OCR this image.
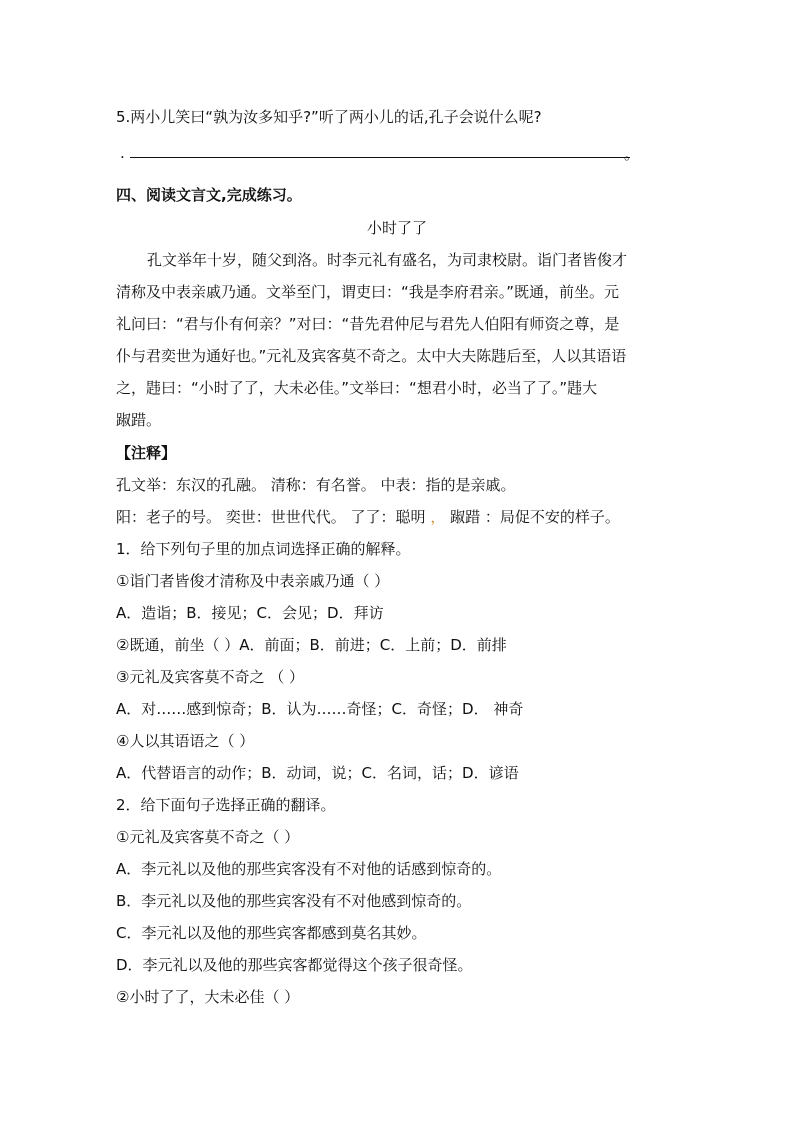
5.两小儿笑曰“孰为汝多知乎?”听了两小儿的话,孔子会说什么呢?
.	。
四、阅读文言文,完成练习。
小时了了
孔文举年十岁，随父到洛。时李元礼有盛名，为司隶校尉。诣门者皆俊才
清称及中表亲戚乃通。文举至门，谓吏曰：“我是李府君亲。”既通，前坐。元
礼问曰：“君与仆有何亲？”对曰：“昔先君仲尼与君先人伯阳有师资之尊，是
仆与君奕世为通好也。”元礼及宾客莫不奇之。太中大夫陈韪后至，人以其语语
之，韪曰：“小时了了，大未必佳。”文举曰：“想君小时，必当了了。”韪大
踧踖。
【注释】
孔文举：东汉的孔融。 清称：有名誉。 中表：指的是亲戚。
阳：老子的号。 奕世：世世代代。 了了：聪明 ， 踧踖 ：局促不安的样子。
1．给下列句子里的加点词选择正确的解释。
①诣门者皆俊才清称及中表亲戚乃通（ ）
A．造诣；B．接见；C．会见；D．拜访
②既通，前坐（ ）A．前面；B．前进；C．上前；D．前排
③元礼及宾客莫不奇之 （ ）
A．对……感到惊奇；B．认为……奇怪；C．奇怪；D． 神奇
④人以其语语之（ ）
A．代替语言的动作；B．动词，说；C．名词，话；D．谚语
2．给下面句子选择正确的翻译。
①元礼及宾客莫不奇之（ ）
A．李元礼以及他的那些宾客没有不对他的话感到惊奇的。
B．李元礼以及他的那些宾客没有不对他感到惊奇的。
C．李元礼以及他的那些宾客都感到莫名其妙。
D．李元礼以及他的那些宾客都觉得这个孩子很奇怪。
②小时了了，大未必佳（ ）
